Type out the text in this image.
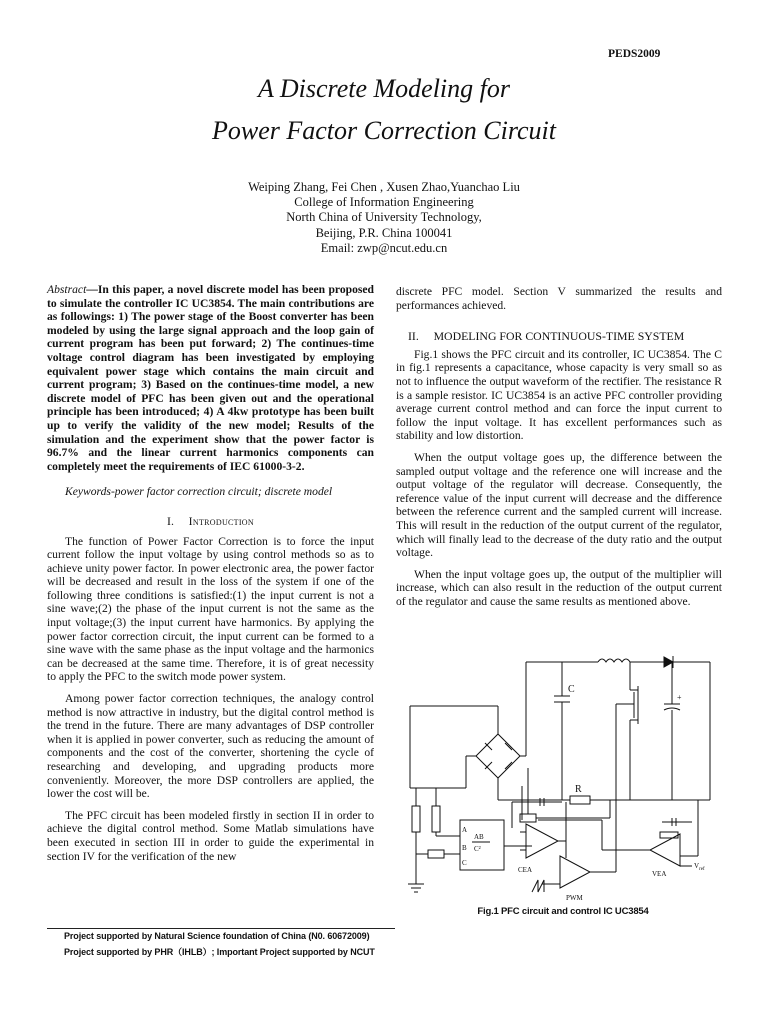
PEDS2009
A Discrete Modeling for
Power Factor Correction Circuit
Weiping Zhang, Fei Chen , Xusen Zhao,Yuanchao Liu
College of Information Engineering
North China of University Technology,
Beijing, P.R. China 100041
Email: zwp@ncut.edu.cn
Abstract—In this paper, a novel discrete model has been proposed to simulate the controller IC UC3854. The main contributions are as followings: 1) The power stage of the Boost converter has been modeled by using the large signal approach and the loop gain of current program has been put forward; 2) The continues-time voltage control diagram has been investigated by employing equivalent power stage which contains the main circuit and current program; 3) Based on the continues-time model, a new discrete model of PFC has been given out and the operational principle has been introduced; 4) A 4kw prototype has been built up to verify the validity of the new model; Results of the simulation and the experiment show that the power factor is 96.7% and the linear current harmonics components can completely meet the requirements of IEC 61000-3-2.
Keywords-power factor correction circuit; discrete model
I. Introduction
The function of Power Factor Correction is to force the input current follow the input voltage by using control methods so as to achieve unity power factor. In power electronic area, the power factor will be decreased and result in the loss of the system if one of the following three conditions is satisfied:(1) the input current is not a sine wave;(2) the phase of the input current is not the same as the input voltage;(3) the input current have harmonics. By applying the power factor correction circuit, the input current can be formed to a sine wave with the same phase as the input voltage and the harmonics can be decreased at the same time. Therefore, it is of great necessity to apply the PFC to the switch mode power system.
Among power factor correction techniques, the analogy control method is now attractive in industry, but the digital control method is the trend in the future. There are many advantages of DSP controller when it is applied in power converter, such as reducing the amount of components and the cost of the converter, shortening the cycle of researching and developing, and upgrading products more conveniently. Moreover, the more DSP controllers are applied, the lower the cost will be.
The PFC circuit has been modeled firstly in section II in order to achieve the digital control method. Some Matlab simulations have been executed in section III in order to guide the experimental in section IV for the verification of the new
discrete PFC model. Section V summarized the results and performances achieved.
II. MODELING FOR CONTINUOUS-TIME SYSTEM
Fig.1 shows the PFC circuit and its controller, IC UC3854. The C in fig.1 represents a capacitance, whose capacity is very small so as not to influence the output waveform of the rectifier. The resistance R is a sample resistor. IC UC3854 is an active PFC controller providing average current control method and can force the input current to follow the input voltage. It has excellent performances such as stability and low distortion.
When the output voltage goes up, the difference between the sampled output voltage and the reference one will increase and the output voltage of the regulator will decrease. Consequently, the reference value of the input current will decrease and the difference between the reference current and the sampled current will increase. This will result in the reduction of the output current of the regulator, which will finally lead to the decrease of the duty ratio and the output voltage.
When the input voltage goes up, the output of the multiplier will increase, which can also result in the reduction of the output current of the regulator and cause the same results as mentioned above.
C
+
R
A
B
C
AB
C²
CEA
PWM
VEA
$V_{ref}$
Fig.1 PFC circuit and control IC UC3854
Project supported by Natural Science foundation of China (N0. 60672009)
Project supported by PHR（IHLB）; Important Project supported by NCUT
